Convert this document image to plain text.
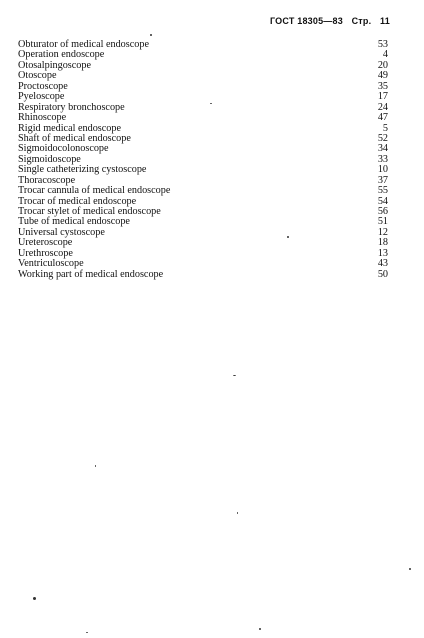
ГОСТ 18305—83 Стр. 11
Obturator of medical endoscope	53
Operation endoscope	4
Otosalpingoscope	20
Otoscope	49
Proctoscope	35
Pyeloscope	17
Respiratory bronchoscope	24
Rhinoscope	47
Rigid medical endoscope	5
Shaft of medical endoscope	52
Sigmoidocolonoscope	34
Sigmoidoscope	33
Single catheterizing cystoscope	10
Thoracoscope	37
Trocar cannula of medical endoscope	55
Trocar of medical endoscope	54
Trocar stylet of medical endoscope	56
Tube of medical endoscope	51
Universal cystoscope	12
Ureteroscope	18
Urethroscope	13
Ventriculoscope	43
Working part of medical endoscope	50
